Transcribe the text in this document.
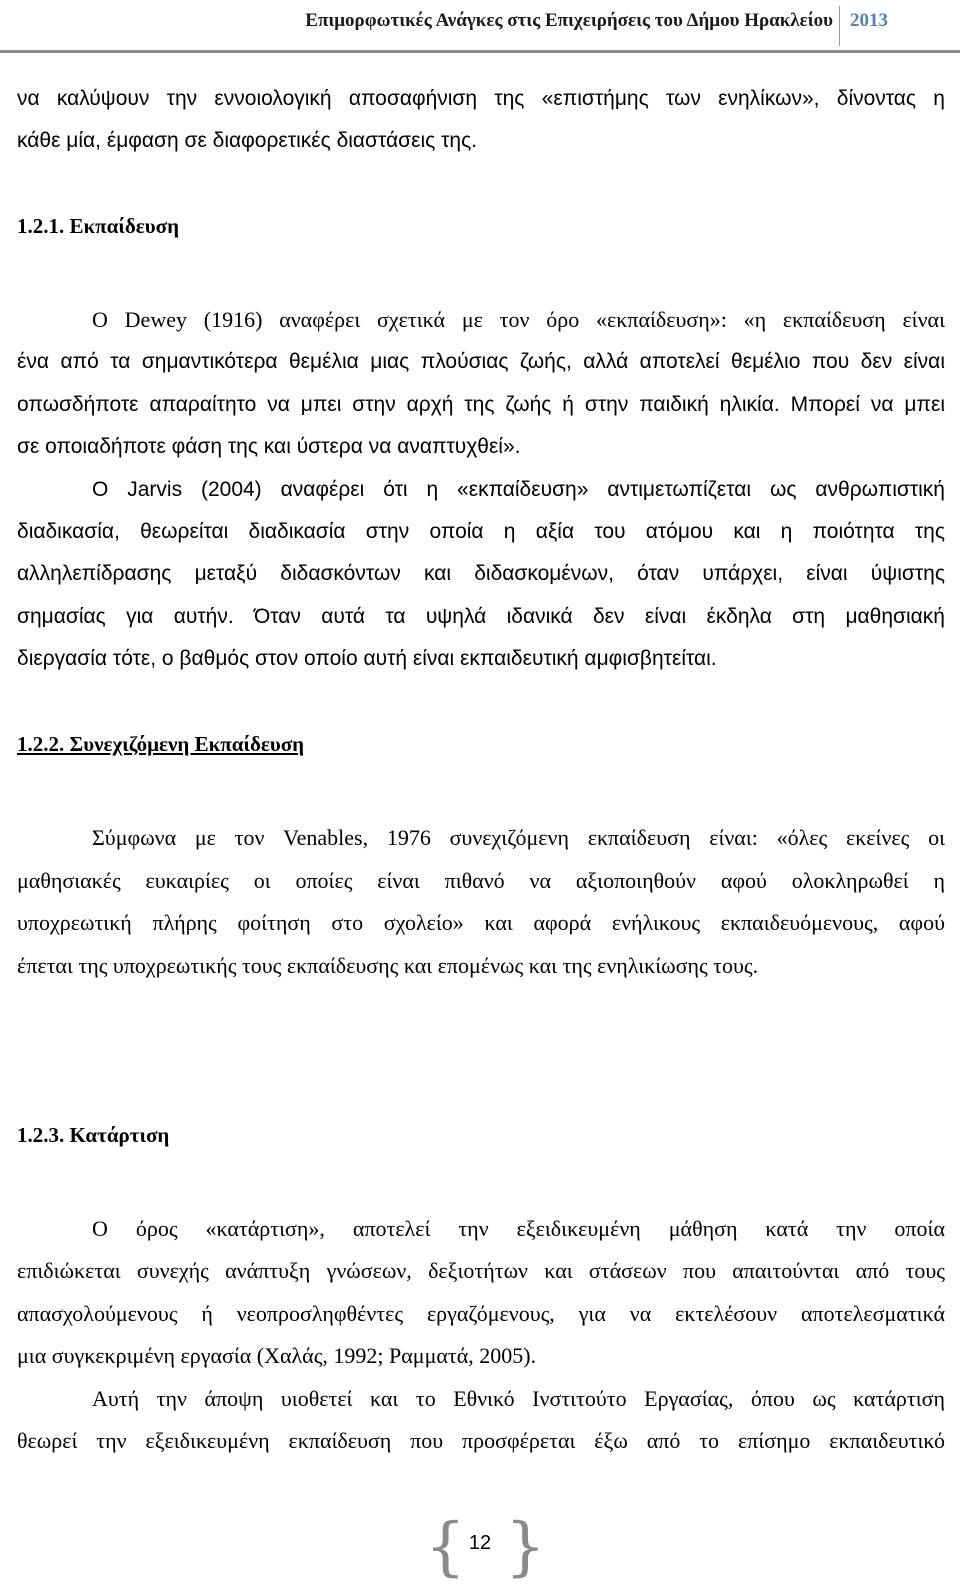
Επιμορφωτικές Ανάγκες στις Επιχειρήσεις του Δήμου Ηρακλείου 2013
να καλύψουν την εννοιολογική αποσαφήνιση της «επιστήμης των ενηλίκων», δίνοντας η
κάθε μία, έμφαση σε διαφορετικές διαστάσεις της.
1.2.1. Εκπαίδευση
Ο Dewey (1916) αναφέρει σχετικά με τον όρο «εκπαίδευση»: «η εκπαίδευση είναι
ένα από τα σημαντικότερα θεμέλια μιας πλούσιας ζωής, αλλά αποτελεί θεμέλιο που δεν είναι
οπωσδήποτε απαραίτητο να μπει στην αρχή της ζωής ή στην παιδική ηλικία. Μπορεί να μπει
σε οποιαδήποτε φάση της και ύστερα να αναπτυχθεί».
Ο Jarvis (2004) αναφέρει ότι η «εκπαίδευση» αντιμετωπίζεται ως ανθρωπιστική
διαδικασία, θεωρείται διαδικασία στην οποία η αξία του ατόμου και η ποιότητα της
αλληλεπίδρασης μεταξύ διδασκόντων και διδασκομένων, όταν υπάρχει, είναι ύψιστης
σημασίας για αυτήν. Όταν αυτά τα υψηλά ιδανικά δεν είναι έκδηλα στη μαθησιακή
διεργασία τότε, ο βαθμός στον οποίο αυτή είναι εκπαιδευτική αμφισβητείται.
1.2.2. Συνεχιζόμενη Εκπαίδευση
Σύμφωνα με τον Venables, 1976 συνεχιζόμενη εκπαίδευση είναι: «όλες εκείνες οι
μαθησιακές ευκαιρίες οι οποίες είναι πιθανό να αξιοποιηθούν αφού ολοκληρωθεί η
υποχρεωτική πλήρης φοίτηση στο σχολείο» και αφορά ενήλικους εκπαιδευόμενους, αφού
έπεται της υποχρεωτικής τους εκπαίδευσης και επομένως και της ενηλικίωσης τους.
1.2.3. Κατάρτιση
Ο όρος «κατάρτιση», αποτελεί την εξειδικευμένη μάθηση κατά την οποία
επιδιώκεται συνεχής ανάπτυξη γνώσεων, δεξιοτήτων και στάσεων που απαιτούνται από τους
απασχολούμενους ή νεοπροσληφθέντες εργαζόμενους, για να εκτελέσουν αποτελεσματικά
μια συγκεκριμένη εργασία (Χαλάς, 1992; Ραμματά, 2005).
Αυτή την άποψη υιοθετεί και το Εθνικό Ινστιτούτο Εργασίας, όπου ως κατάρτιση
θεωρεί την εξειδικευμένη εκπαίδευση που προσφέρεται έξω από το επίσημο εκπαιδευτικό
{ 12 }
